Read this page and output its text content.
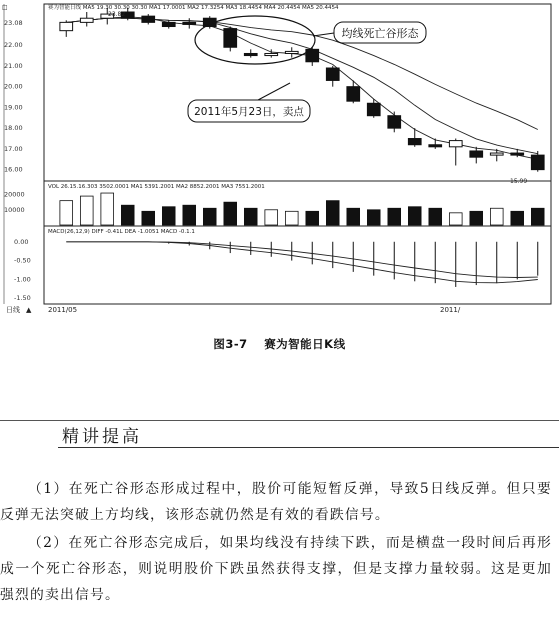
□	赛为智能日线 MA5 19.30 30.30 30.30 MA1 17.0001 MA2 17.3254 MA3 18.4454 MA4 20.4454 MA5 20.4454
VOL 26.15.16.303 3502.0001 MA1 5391.2001 MA2 8852.2001 MA3 7551.2001
MACD(26,12,9) DIFF -0.41L DEA -1.0051 MACD -0.1.1
日线 ▲ 2011/05	2011/
23.08
22.00
21.00
20.00
19.00
18.00
17.00
16.00
20000
10000
0.00
-0.50
-1.00
-1.50
23.82
15.99
均线死亡谷形态
2011年5月23日，卖点
图3-7 赛为智能日K线
精讲提高

（1）在死亡谷形态形成过程中，股价可能短暂反弹，导致5日线反弹。但只要反弹无法突破上方均线，该形态就仍然是有效的看跌信号。

（2）在死亡谷形态完成后，如果均线没有持续下跌，而是横盘一段时间后再形成一个死亡谷形态，则说明股价下跌虽然获得支撑，但是支撑力量较弱。这是更加强烈的卖出信号。
